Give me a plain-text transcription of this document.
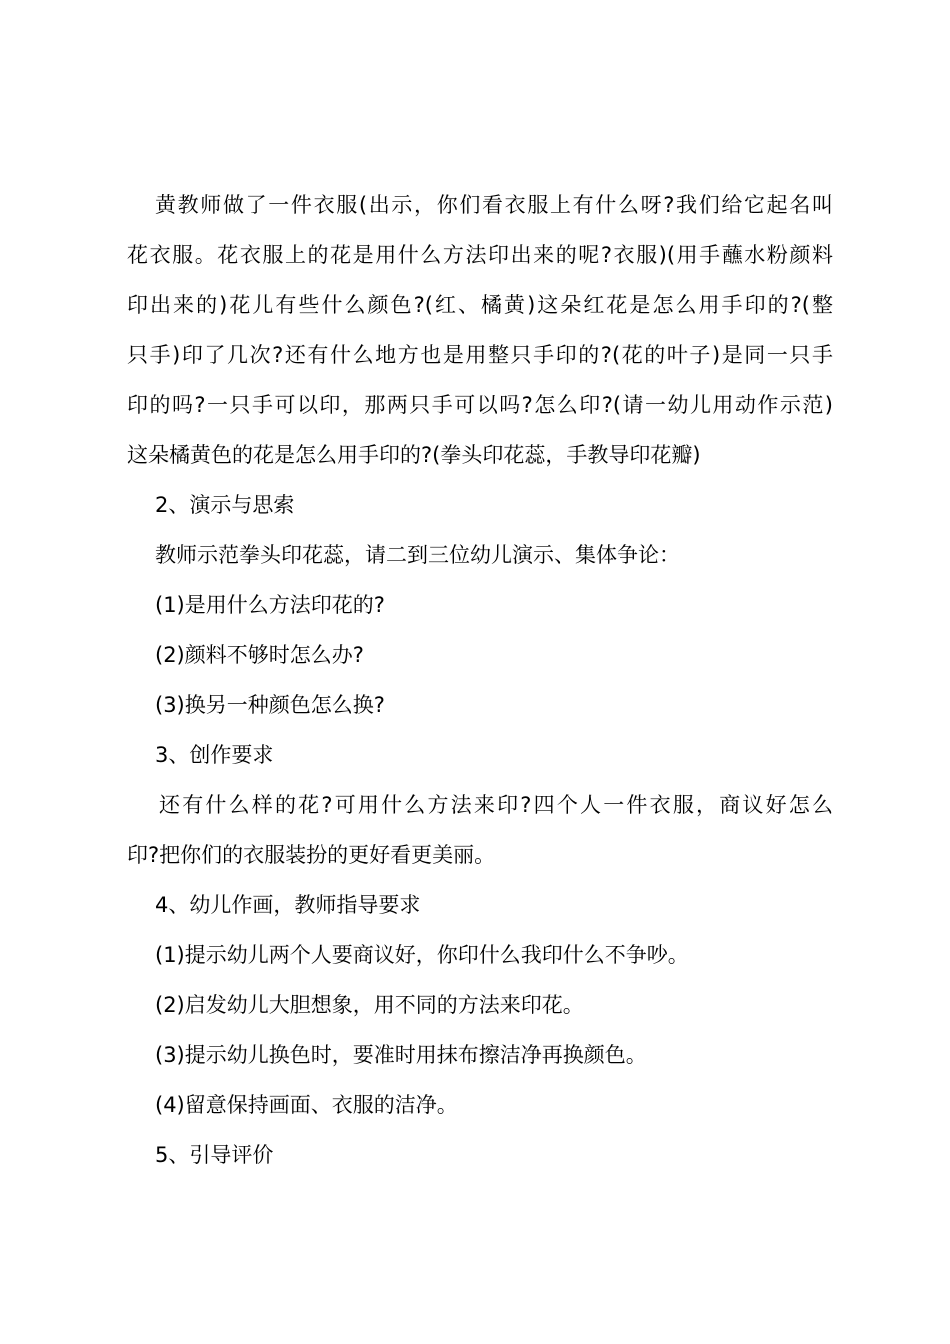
黄教师做了一件衣服(出示，你们看衣服上有什么呀?我们给它起名叫
花衣服。花衣服上的花是用什么方法印出来的呢?衣服)(用手蘸水粉颜料
印出来的)花儿有些什么颜色?(红、橘黄)这朵红花是怎么用手印的?(整
只手)印了几次?还有什么地方也是用整只手印的?(花的叶子)是同一只手
印的吗?一只手可以印，那两只手可以吗?怎么印?(请一幼儿用动作示范)
这朵橘黄色的花是怎么用手印的?(拳头印花蕊，手教导印花瓣)
2、演示与思索
教师示范拳头印花蕊，请二到三位幼儿演示、集体争论：
(1)是用什么方法印花的?
(2)颜料不够时怎么办?
(3)换另一种颜色怎么换?
3、创作要求
还有什么样的花?可用什么方法来印?四个人一件衣服，商议好怎么
印?把你们的衣服装扮的更好看更美丽。
4、幼儿作画，教师指导要求
(1)提示幼儿两个人要商议好，你印什么我印什么不争吵。
(2)启发幼儿大胆想象，用不同的方法来印花。
(3)提示幼儿换色时，要准时用抹布擦洁净再换颜色。
(4)留意保持画面、衣服的洁净。
5、引导评价
